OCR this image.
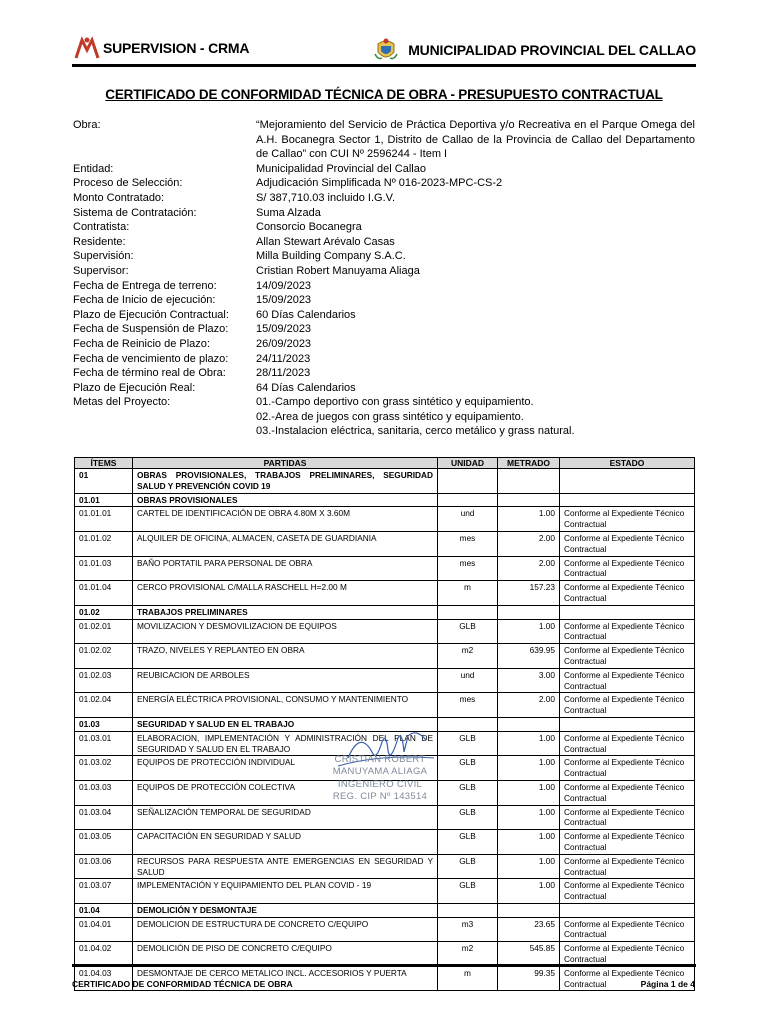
SUPERVISION - CRMA	MUNICIPALIDAD PROVINCIAL DEL CALLAO
CERTIFICADO DE CONFORMIDAD TÉCNICA DE OBRA - PRESUPUESTO CONTRACTUAL
Obra:	“Mejoramiento del Servicio de Práctica Deportiva y/o Recreativa en el Parque Omega del A.H. Bocanegra Sector 1, Distrito de Callao de la Provincia de Callao del Departamento de Callao” con CUI Nº 2596244 - Item I
Entidad:	Municipalidad Provincial del Callao
Proceso de Selección:	Adjudicación Simplificada Nº 016-2023-MPC-CS-2
Monto Contratado:	S/ 387,710.03 incluido I.G.V.
Sistema de Contratación:	Suma Alzada
Contratista:	Consorcio Bocanegra
Residente:	Allan Stewart Arévalo Casas
Supervisión:	Milla Building Company S.A.C.
Supervisor:	Cristian Robert Manuyama Aliaga
Fecha de Entrega de terreno:	14/09/2023
Fecha de Inicio de ejecución:	15/09/2023
Plazo de Ejecución Contractual:	60 Días Calendarios
Fecha de Suspensión de Plazo:	15/09/2023
Fecha de Reinicio de Plazo:	26/09/2023
Fecha de vencimiento de plazo:	24/11/2023
Fecha de término real de Obra:	28/11/2023
Plazo de Ejecución Real:	64 Días Calendarios
Metas del Proyecto:	01.-Campo deportivo con grass sintético y equipamiento.
02.-Area de juegos con grass sintético y equipamiento.
03.-Instalacion eléctrica, sanitaria, cerco metálico y grass natural.
ÍTEMS	PARTIDAS	UNIDAD	METRADO	ESTADO
01	OBRAS PROVISIONALES, TRABAJOS PRELIMINARES, SEGURIDAD SALUD Y PREVENCIÓN COVID 19			
01.01	OBRAS PROVISIONALES			
01.01.01	CARTEL DE IDENTIFICACIÓN DE OBRA 4.80M X 3.60M	und	1.00	Conforme al Expediente Técnico Contractual
01.01.02	ALQUILER DE OFICINA, ALMACEN, CASETA DE GUARDIANIA	mes	2.00	Conforme al Expediente Técnico Contractual
01.01.03	BAÑO PORTATIL PARA PERSONAL DE OBRA	mes	2.00	Conforme al Expediente Técnico Contractual
01.01.04	CERCO PROVISIONAL C/MALLA RASCHELL H=2.00 M	m	157.23	Conforme al Expediente Técnico Contractual
01.02	TRABAJOS PRELIMINARES			
01.02.01	MOVILIZACION Y DESMOVILIZACION DE EQUIPOS	GLB	1.00	Conforme al Expediente Técnico Contractual
01.02.02	TRAZO, NIVELES Y REPLANTEO EN OBRA	m2	639.95	Conforme al Expediente Técnico Contractual
01.02.03	REUBICACION DE ARBOLES	und	3.00	Conforme al Expediente Técnico Contractual
01.02.04	ENERGÍA ELÉCTRICA PROVISIONAL, CONSUMO Y MANTENIMIENTO	mes	2.00	Conforme al Expediente Técnico Contractual
01.03	SEGURIDAD Y SALUD EN EL TRABAJO			
01.03.01	ELABORACION, IMPLEMENTACIÓN Y ADMINISTRACIÓN DEL PLAN DE SEGURIDAD Y SALUD EN EL TRABAJO	GLB	1.00	Conforme al Expediente Técnico Contractual
01.03.02	EQUIPOS DE PROTECCIÓN INDIVIDUAL	GLB	1.00	Conforme al Expediente Técnico Contractual
01.03.03	EQUIPOS DE PROTECCIÓN COLECTIVA	GLB	1.00	Conforme al Expediente Técnico Contractual
01.03.04	SEÑALIZACIÓN TEMPORAL DE SEGURIDAD	GLB	1.00	Conforme al Expediente Técnico Contractual
01.03.05	CAPACITACIÓN EN SEGURIDAD Y SALUD	GLB	1.00	Conforme al Expediente Técnico Contractual
01.03.06	RECURSOS PARA RESPUESTA ANTE EMERGENCIAS EN SEGURIDAD Y SALUD	GLB	1.00	Conforme al Expediente Técnico Contractual
01.03.07	IMPLEMENTACIÓN Y EQUIPAMIENTO DEL PLAN COVID - 19	GLB	1.00	Conforme al Expediente Técnico Contractual
01.04	DEMOLICIÓN Y DESMONTAJE			
01.04.01	DEMOLICION DE ESTRUCTURA DE CONCRETO C/EQUIPO	m3	23.65	Conforme al Expediente Técnico Contractual
01.04.02	DEMOLICIÓN DE PISO DE CONCRETO C/EQUIPO	m2	545.85	Conforme al Expediente Técnico Contractual
01.04.03	DESMONTAJE DE CERCO METALICO INCL. ACCESORIOS Y PUERTA	m	99.35	Conforme al Expediente Técnico Contractual
CRISTIAN ROBERT
MANUYAMA ALIAGA
INGENIERO CIVIL
REG. CIP Nº 143514
CERTIFICADO DE CONFORMIDAD TÉCNICA DE OBRA	Página 1 de 4
